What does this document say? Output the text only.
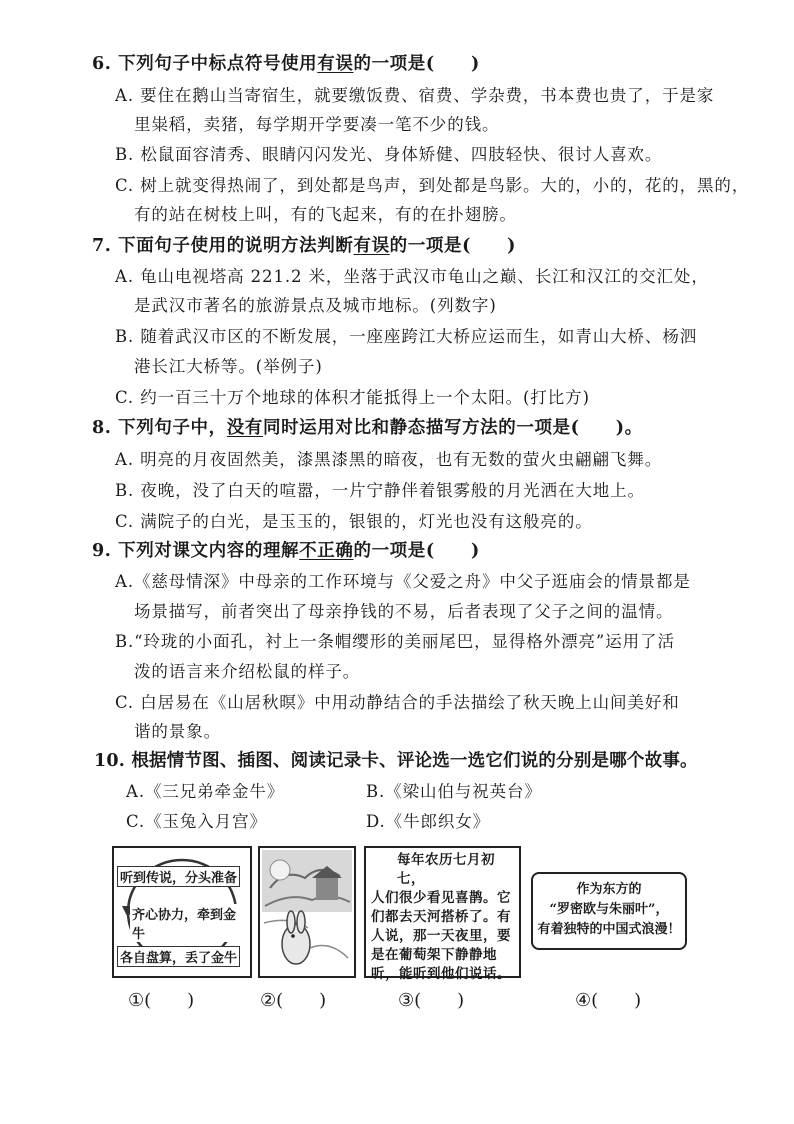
6. 下列句子中标点符号使用有误的一项是(　　)
A. 要住在鹅山当寄宿生，就要缴饭费、宿费、学杂费，书本费也贵了，于是家
里粜稻，卖猪，每学期开学要凑一笔不少的钱。
B. 松鼠面容清秀、眼睛闪闪发光、身体矫健、四肢轻快、很讨人喜欢。
C. 树上就变得热闹了，到处都是鸟声，到处都是鸟影。大的，小的，花的，黑的，
有的站在树枝上叫，有的飞起来，有的在扑翅膀。
7. 下面句子使用的说明方法判断有误的一项是(　　)
A. 龟山电视塔高 221.2 米，坐落于武汉市龟山之巅、长江和汉江的交汇处，
是武汉市著名的旅游景点及城市地标。(列数字)
B. 随着武汉市区的不断发展，一座座跨江大桥应运而生，如青山大桥、杨泗
港长江大桥等。(举例子)
C. 约一百三十万个地球的体积才能抵得上一个太阳。(打比方)
8. 下列句子中，没有同时运用对比和静态描写方法的一项是(　　)。
A. 明亮的月夜固然美，漆黑漆黑的暗夜，也有无数的萤火虫翩翩飞舞。
B. 夜晚，没了白天的喧嚣，一片宁静伴着银雾般的月光洒在大地上。
C. 满院子的白光，是玉玉的，银银的，灯光也没有这般亮的。
9. 下列对课文内容的理解不正确的一项是(　　)
A.《慈母情深》中母亲的工作环境与《父爱之舟》中父子逛庙会的情景都是
场景描写，前者突出了母亲挣钱的不易，后者表现了父子之间的温情。
B.“玲珑的小面孔，衬上一条帽缨形的美丽尾巴，显得格外漂亮”运用了活
泼的语言来介绍松鼠的样子。
C. 白居易在《山居秋暝》中用动静结合的手法描绘了秋天晚上山间美好和
谐的景象。
10. 根据情节图、插图、阅读记录卡、评论选一选它们说的分别是哪个故事。
A.《三兄弟牵金牛》	B.《梁山伯与祝英台》
C.《玉兔入月宫》	D.《牛郎织女》
听到传说，分头准备
齐心协力，牵到金牛
各自盘算，丢了金牛
每年农历七月初七，
人们很少看见喜鹊。它
们都去天河搭桥了。有
人说，那一天夜里，要
是在葡萄架下静静地
听，能听到他们说话。
作为东方的
“罗密欧与朱丽叶”，
有着独特的中国式浪漫！
①(　　)	②(　　)	③(　　)	④(　　)
